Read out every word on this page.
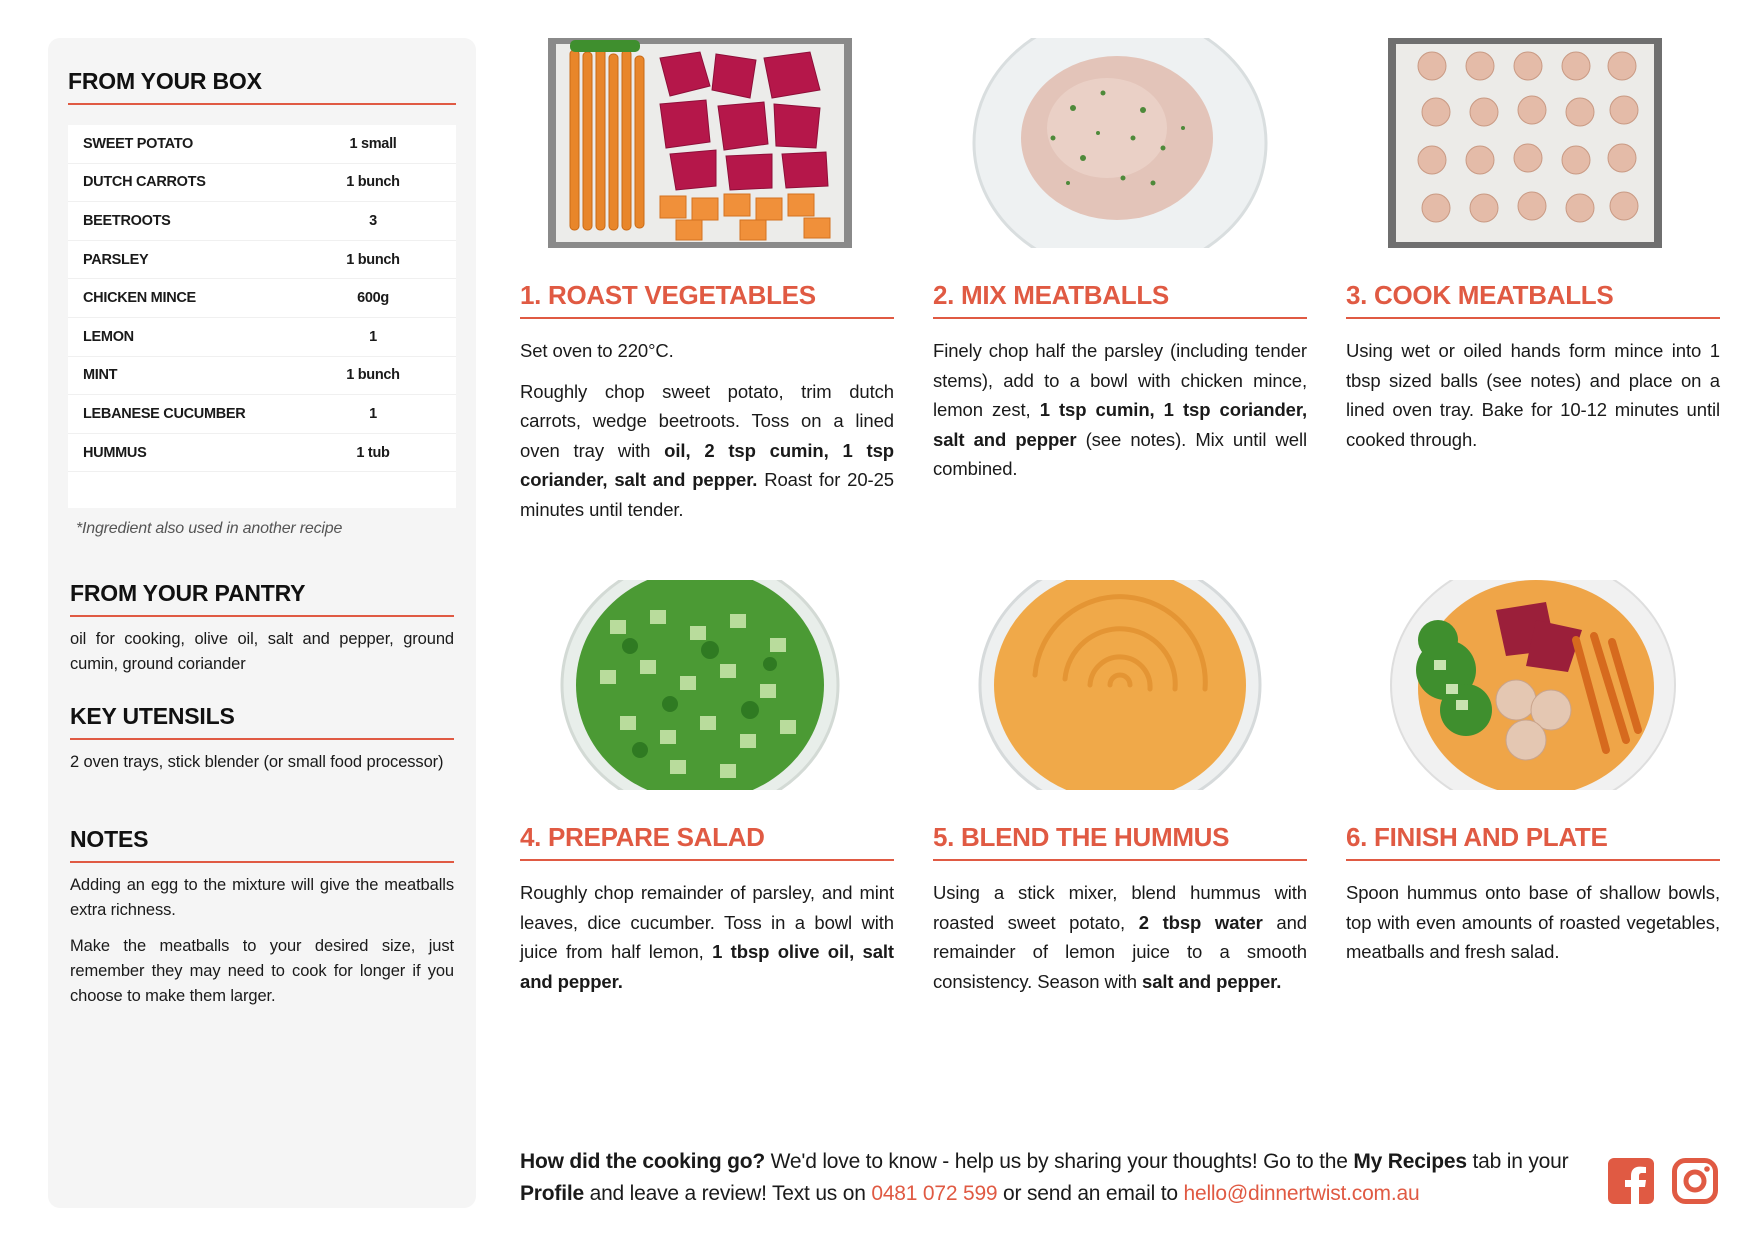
FROM YOUR BOX
SWEET POTATO	1 small
DUTCH CARROTS	1 bunch
BEETROOTS	3
PARSLEY	1 bunch
CHICKEN MINCE	600g
LEMON	1
MINT	1 bunch
LEBANESE CUCUMBER	1
HUMMUS	1 tub
*Ingredient also used in another recipe
FROM YOUR PANTRY
oil for cooking, olive oil, salt and pepper, ground cumin, ground coriander
KEY UTENSILS
2 oven trays, stick blender (or small food processor)
NOTES

Adding an egg to the mixture will give the meatballs extra richness.

Make the meatballs to your desired size, just remember they may need to cook for longer if you choose to make them larger.

1. ROAST VEGETABLES

Set oven to 220°C.

Roughly chop sweet potato, trim dutch carrots, wedge beetroots. Toss on a lined oven tray with oil, 2 tsp cumin, 1 tsp coriander, salt and pepper. Roast for 20-25 minutes until tender.

2. MIX MEATBALLS

Finely chop half the parsley (including tender stems), add to a bowl with chicken mince, lemon zest, 1 tsp cumin, 1 tsp coriander, salt and pepper (see notes). Mix until well combined.

3. COOK MEATBALLS

Using wet or oiled hands form mince into 1 tbsp sized balls (see notes) and place on a lined oven tray. Bake for 10-12 minutes until cooked through.

4. PREPARE SALAD

Roughly chop remainder of parsley, and mint leaves, dice cucumber. Toss in a bowl with juice from half lemon, 1 tbsp olive oil, salt and pepper.

5. BLEND THE HUMMUS

Using a stick mixer, blend hummus with roasted sweet potato, 2 tbsp water and remainder of lemon juice to a smooth consistency. Season with salt and pepper.

6. FINISH AND PLATE

Spoon hummus onto base of shallow bowls, top with even amounts of roasted vegetables, meatballs and fresh salad.

How did the cooking go? We'd love to know - help us by sharing your thoughts! Go to the My Recipes tab in your Profile and leave a review! Text us on 0481 072 599 or send an email to hello@dinnertwist.com.au
